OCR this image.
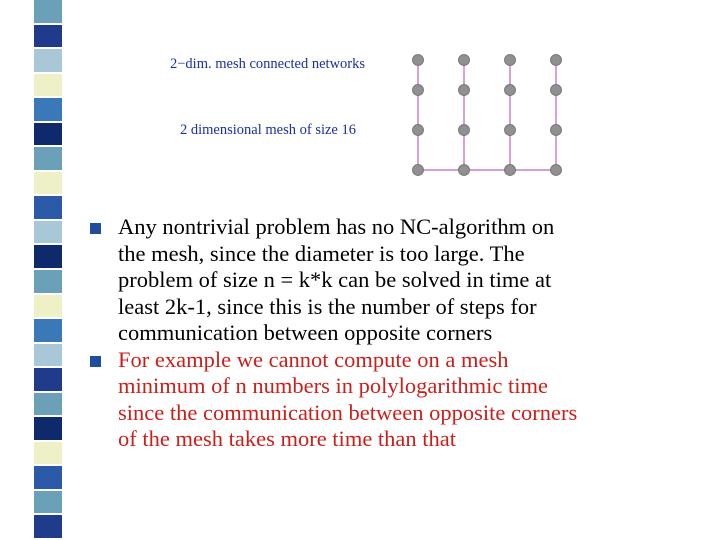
2−dim. mesh connected networks
2 dimensional mesh of size 16
Any nontrivial problem has no NC-algorithm on
the mesh, since the diameter is too large. The
problem of size n = k*k can be solved in time at
least 2k-1, since this is the number of steps for
communication between opposite corners
For example we cannot compute on a mesh
minimum of n numbers in polylogarithmic time
since the communication between opposite corners
of the mesh takes more time than that
